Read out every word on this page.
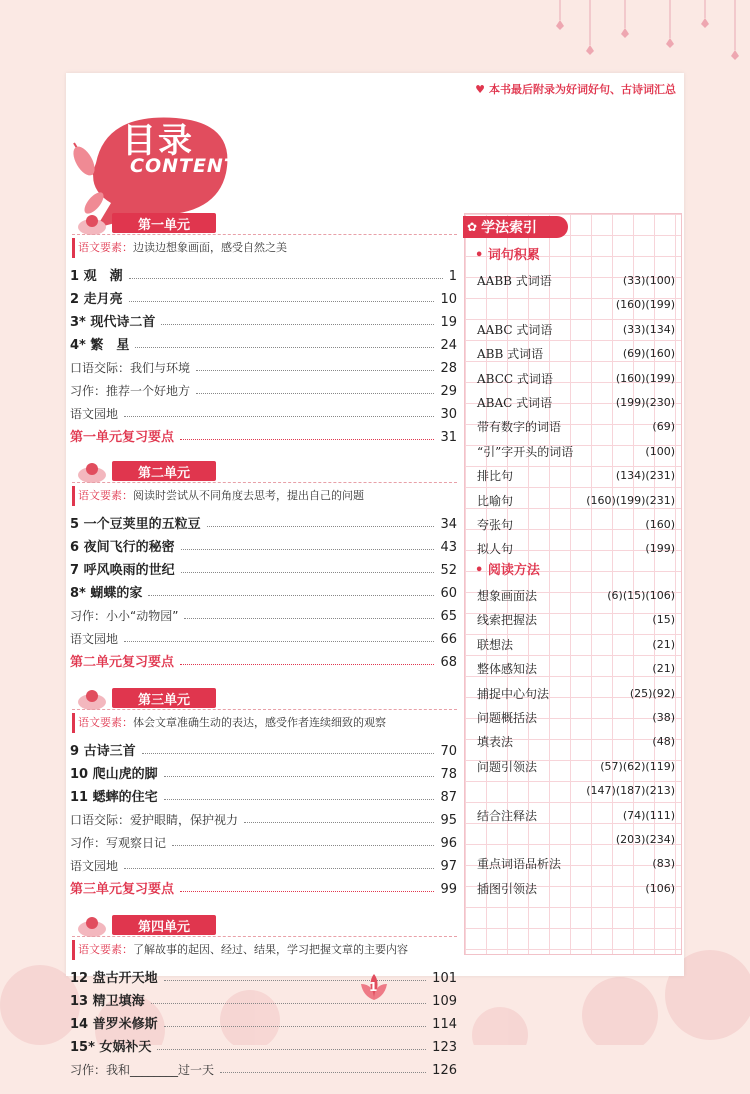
♥ 本书最后附录为好词好句、古诗词汇总
目录
CONTENTS
第一单元
语文要素：边读边想象画面，感受自然之美
1 观　潮	1
2 走月亮	10
3* 现代诗二首	19
4* 繁　星	24
口语交际：我们与环境	28
习作：推荐一个好地方	29
语文园地	30
第一单元复习要点	31
第二单元
语文要素：阅读时尝试从不同角度去思考，提出自己的问题
5 一个豆荚里的五粒豆	34
6 夜间飞行的秘密	43
7 呼风唤雨的世纪	52
8* 蝴蝶的家	60
习作：小小“动物园”	65
语文园地	66
第二单元复习要点	68
第三单元
语文要素：体会文章准确生动的表达，感受作者连续细致的观察
9 古诗三首	70
10 爬山虎的脚	78
11 蟋蟀的住宅	87
口语交际：爱护眼睛，保护视力	95
习作：写观察日记	96
语文园地	97
第三单元复习要点	99
第四单元
语文要素：了解故事的起因、经过、结果，学习把握文章的主要内容
12 盘古开天地	101
13 精卫填海	109
14 普罗米修斯	114
15* 女娲补天	123
习作：我和________过一天	126
✿ 学法索引
• 词句积累
AABB 式词语	(33)(100)
(160)(199)
AABC 式词语	(33)(134)
ABB 式词语	(69)(160)
ABCC 式词语	(160)(199)
ABAC 式词语	(199)(230)
带有数字的词语	(69)
“引”字开头的词语	(100)
排比句	(134)(231)
比喻句	(160)(199)(231)
夸张句	(160)
拟人句	(199)
• 阅读方法
想象画面法	(6)(15)(106)
线索把握法	(15)
联想法	(21)
整体感知法	(21)
捕捉中心句法	(25)(92)
问题概括法	(38)
填表法	(48)
问题引领法	(57)(62)(119)
(147)(187)(213)
结合注释法	(74)(111)
(203)(234)
重点词语品析法	(83)
插图引领法	(106)
1
